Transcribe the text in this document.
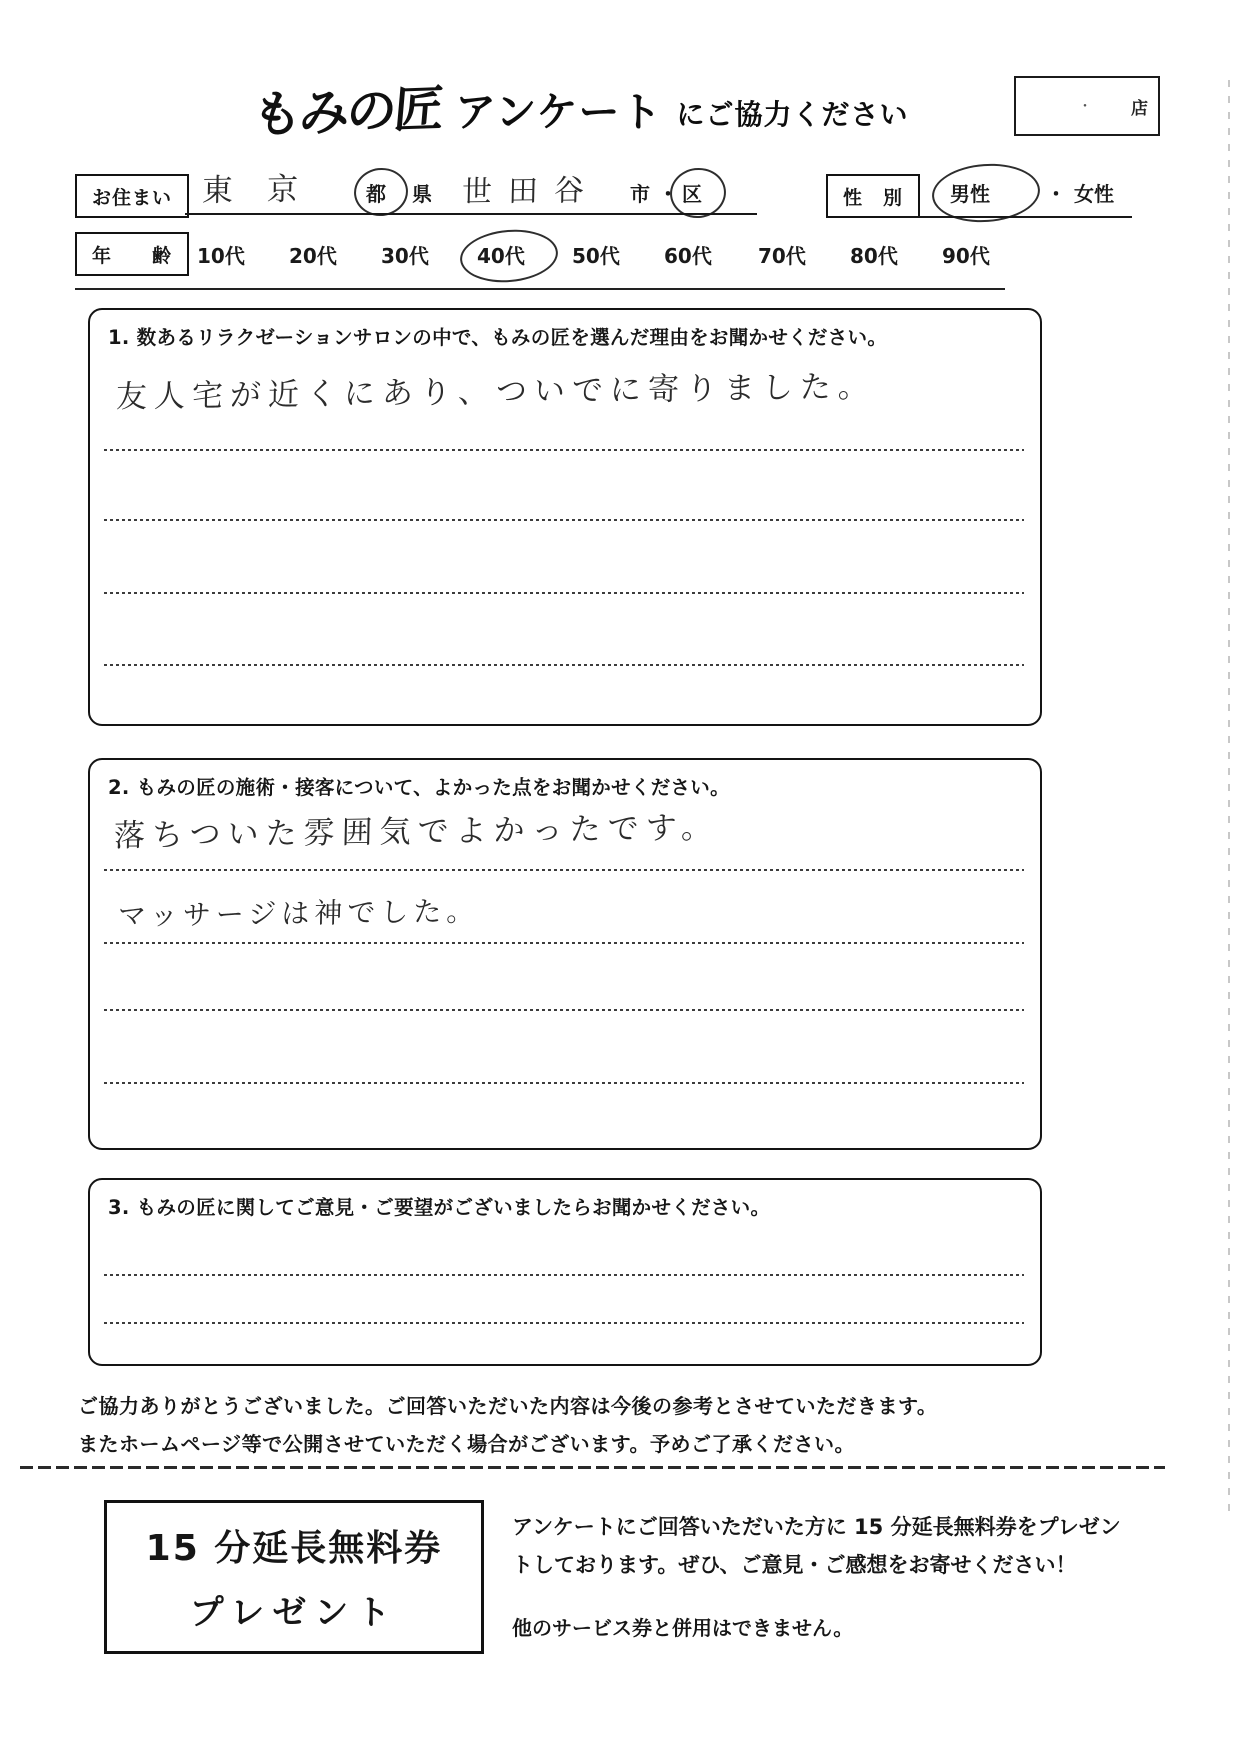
もみの匠 アンケート にご協力ください	・ 店
お住まい 東京 都 県 世田谷 市 ・ 区	性　別 男性	・ 女性
年　　齢 10代 20代 30代 40代 50代 60代 70代 80代 90代
1. 数あるリラクゼーションサロンの中で、もみの匠を選んだ理由をお聞かせください。
友人宅が近くにあり、ついでに寄りました。
2. もみの匠の施術・接客について、よかった点をお聞かせください。
落ちついた雰囲気でよかったです。
マッサージは神でした。
3. もみの匠に関してご意見・ご要望がございましたらお聞かせください。
ご協力ありがとうございました。ご回答いただいた内容は今後の参考とさせていただきます。
またホームページ等で公開させていただく場合がございます。予めご了承ください。
15 分延長無料券
プレゼント
アンケートにご回答いただいた方に 15 分延長無料券をプレゼン
トしております。ぜひ、ご意見・ご感想をお寄せください！
他のサービス券と併用はできません。
